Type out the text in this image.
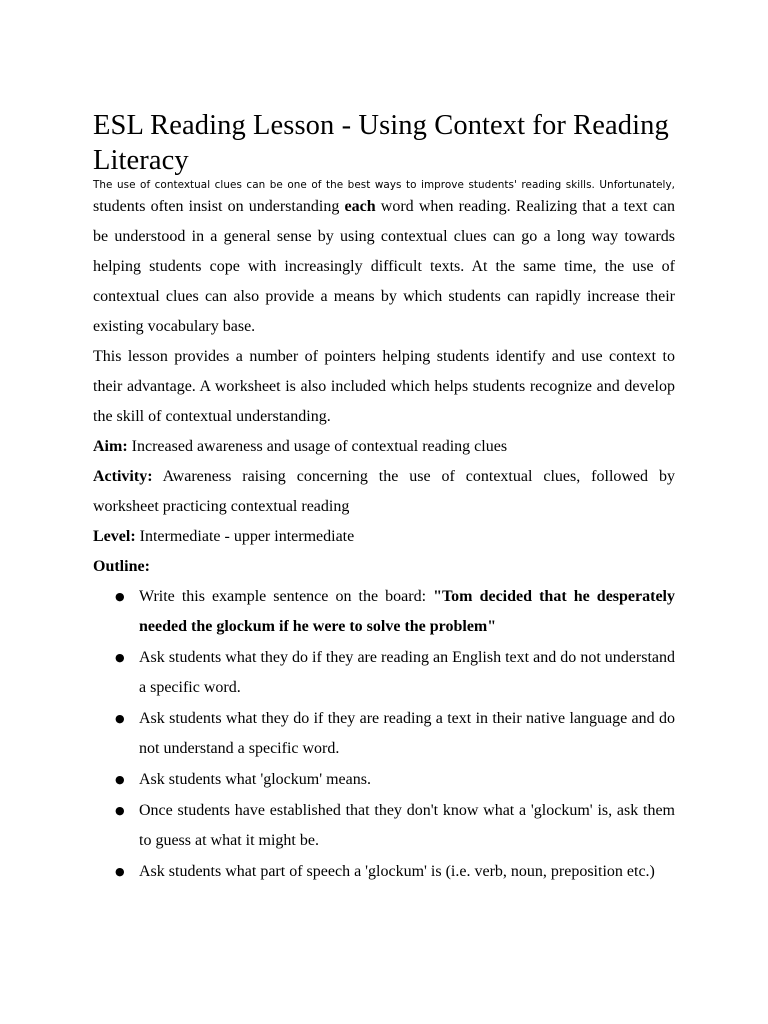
ESL Reading Lesson - Using Context for Reading Literacy

The use of contextual clues can be one of the best ways to improve students' reading skills. Unfortunately,

students often insist on understanding each word when reading. Realizing that a text can be understood in a general sense by using contextual clues can go a long way towards helping students cope with increasingly difficult texts. At the same time, the use of contextual clues can also provide a means by which students can rapidly increase their existing vocabulary base.

This lesson provides a number of pointers helping students identify and use context to their advantage. A worksheet is also included which helps students recognize and develop the skill of contextual understanding.

Aim: Increased awareness and usage of contextual reading clues

Activity: Awareness raising concerning the use of contextual clues, followed by worksheet practicing contextual reading

Level: Intermediate - upper intermediate

Outline:

● Write this example sentence on the board: "Tom decided that he desperately needed the glockum if he were to solve the problem"
● Ask students what they do if they are reading an English text and do not understand a specific word.
● Ask students what they do if they are reading a text in their native language and do not understand a specific word.
● Ask students what 'glockum' means.
● Once students have established that they don't know what a 'glockum' is, ask them to guess at what it might be.
● Ask students what part of speech a 'glockum' is (i.e. verb, noun, preposition etc.)
